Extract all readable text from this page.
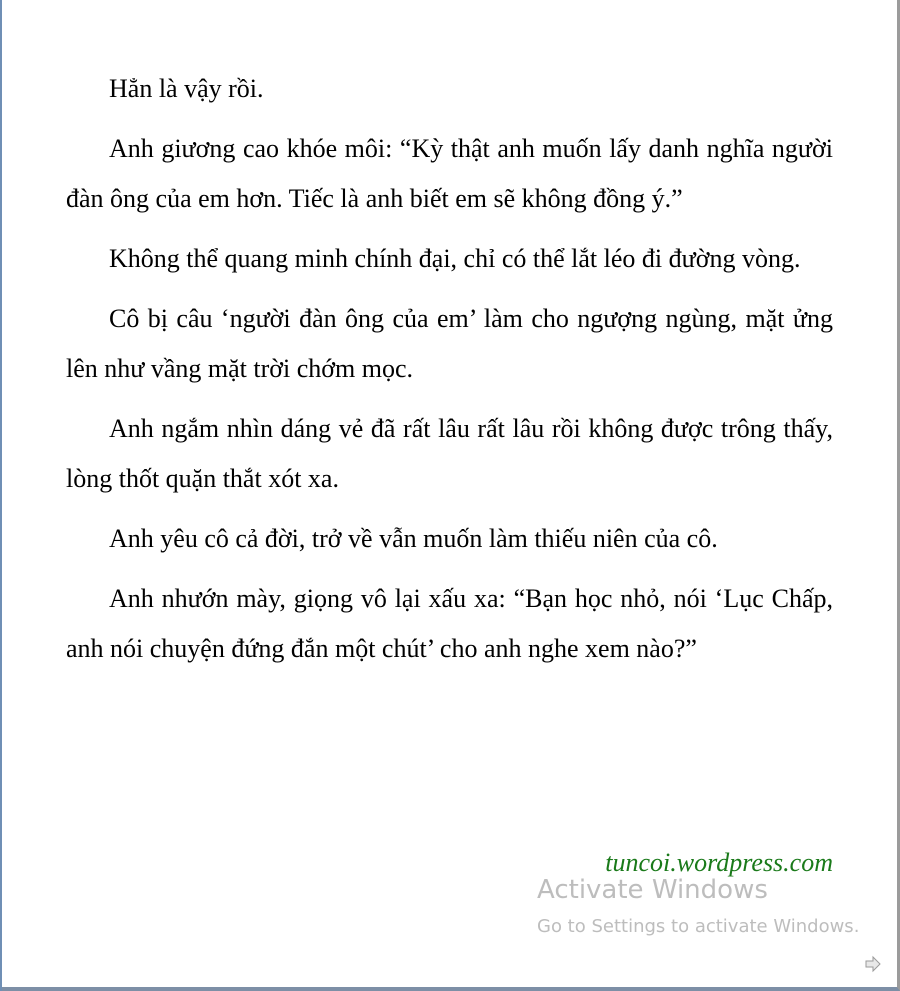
Hẳn là vậy rồi.

Anh giương cao khóe môi: “Kỳ thật anh muốn lấy danh nghĩa người đàn ông của em hơn. Tiếc là anh biết em sẽ không đồng ý.”

Không thể quang minh chính đại, chỉ có thể lắt léo đi đường vòng.

Cô bị câu ‘người đàn ông của em’ làm cho ngượng ngùng, mặt ửng lên như vầng mặt trời chớm mọc.

Anh ngắm nhìn dáng vẻ đã rất lâu rất lâu rồi không được trông thấy, lòng thốt quặn thắt xót xa.

Anh yêu cô cả đời, trở về vẫn muốn làm thiếu niên của cô.

Anh nhướn mày, giọng vô lại xấu xa: “Bạn học nhỏ, nói ‘Lục Chấp, anh nói chuyện đứng đắn một chút’ cho anh nghe xem nào?”

tuncoi.wordpress.com

Activate Windows

Go to Settings to activate Windows.
